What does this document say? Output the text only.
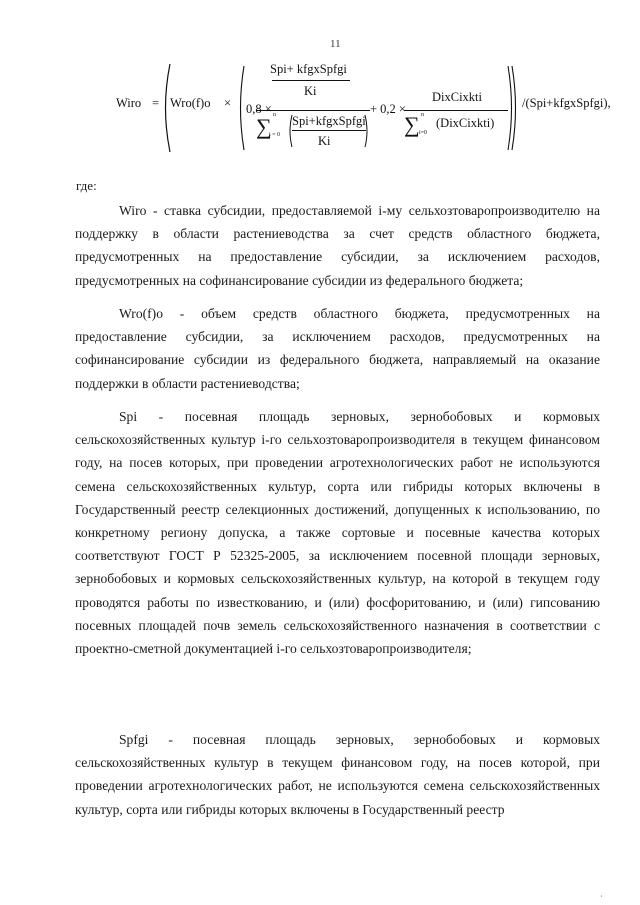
11
Wiro = Wro(f)o × 0,8 ×
Spi+ kfgxSpfgi
Ki
∑ n
i = 0
Spi+kfgxSpfgi
Ki
+ 0,2 ×
DixCixkti
∑ n
i=0
(DixCixkti)
/(Spi+kfgxSpfgi),
где:

Wiro - ставка субсидии, предоставляемой i-му сельхозтоваропроизводителю на поддержку в области растениеводства за счет средств областного бюджета, предусмотренных на предоставление субсидии, за исключением расходов, предусмотренных на софинансирование субсидии из федерального бюджета;

Wro(f)o - объем средств областного бюджета, предусмотренных на предоставление субсидии, за исключением расходов, предусмотренных на софинансирование субсидии из федерального бюджета, направляемый на оказание поддержки в области растениеводства;

Spi - посевная площадь зерновых, зернобобовых и кормовых сельскохозяйственных культур i-го сельхозтоваропроизводителя в текущем финансовом году, на посев которых, при проведении агротехнологических работ не используются семена сельскохозяйственных культур, сорта или гибриды которых включены в Государственный реестр селекционных достижений, допущенных к использованию, по конкретному региону допуска, а также сортовые и посевные качества которых соответствуют ГОСТ Р 52325-2005, за исключением посевной площади зерновых, зернобобовых и кормовых сельскохозяйственных культур, на которой в текущем году проводятся работы по известкованию, и (или) фосфоритованию, и (или) гипсованию посевных площадей почв земель сельскохозяйственного назначения в соответствии с проектно-сметной документацией i-го сельхозтоваропроизводителя;

Spfgi - посевная площадь зерновых, зернобобовых и кормовых сельскохозяйственных культур в текущем финансовом году, на посев которой, при проведении агротехнологических работ, не используются семена сельскохозяйственных культур, сорта или гибриды которых включены в Государственный реестр

·
